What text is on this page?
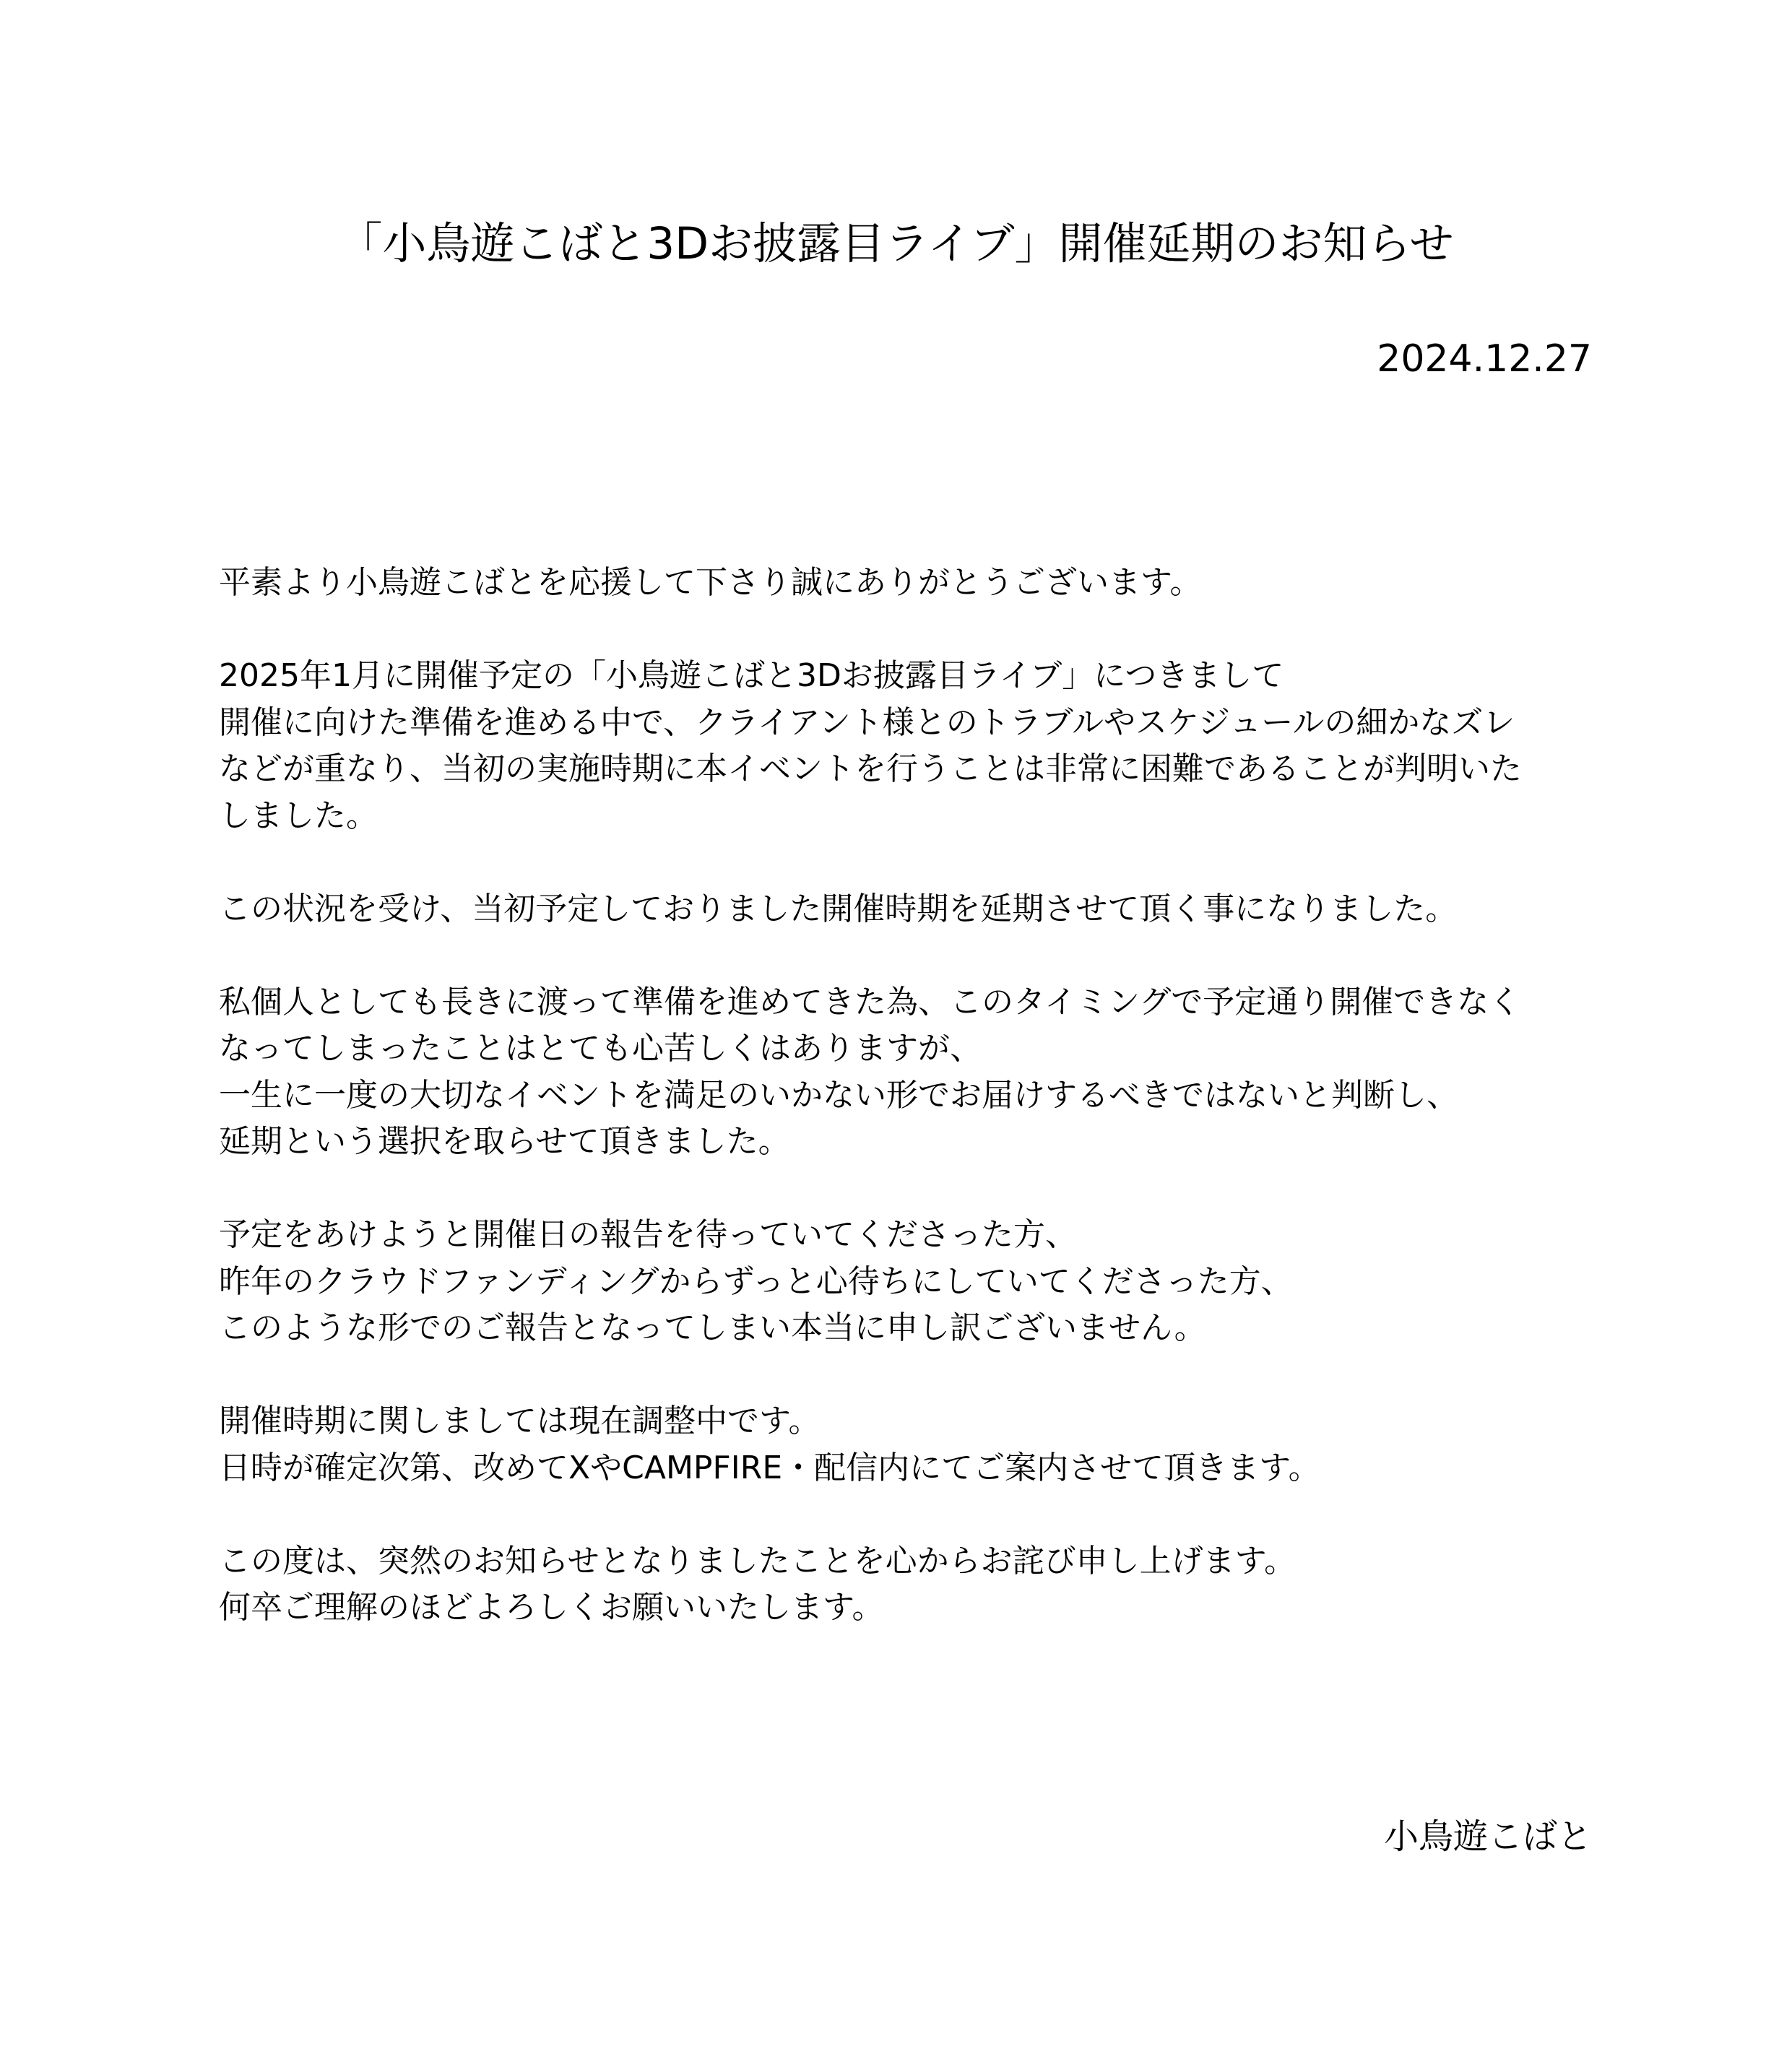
「小鳥遊こばと3Dお披露目ライブ」開催延期のお知らせ
2024.12.27
平素より小鳥遊こばとを応援して下さり誠にありがとうございます。
2025年1月に開催予定の「小鳥遊こばと3Dお披露目ライブ」につきまして
開催に向けた準備を進める中で、クライアント様とのトラブルやスケジュールの細かなズレ
などが重なり、当初の実施時期に本イベントを行うことは非常に困難であることが判明いた
しました。
この状況を受け、当初予定しておりました開催時期を延期させて頂く事になりました。
私個人としても長きに渡って準備を進めてきた為、このタイミングで予定通り開催できなく
なってしまったことはとても心苦しくはありますが、
一生に一度の大切なイベントを満足のいかない形でお届けするべきではないと判断し、
延期という選択を取らせて頂きました。
予定をあけようと開催日の報告を待っていてくださった方、
昨年のクラウドファンディングからずっと心待ちにしていてくださった方、
このような形でのご報告となってしまい本当に申し訳ございません。
開催時期に関しましては現在調整中です。
日時が確定次第、改めてXやCAMPFIRE・配信内にてご案内させて頂きます。
この度は、突然のお知らせとなりましたことを心からお詫び申し上げます。
何卒ご理解のほどよろしくお願いいたします。
小鳥遊こばと
